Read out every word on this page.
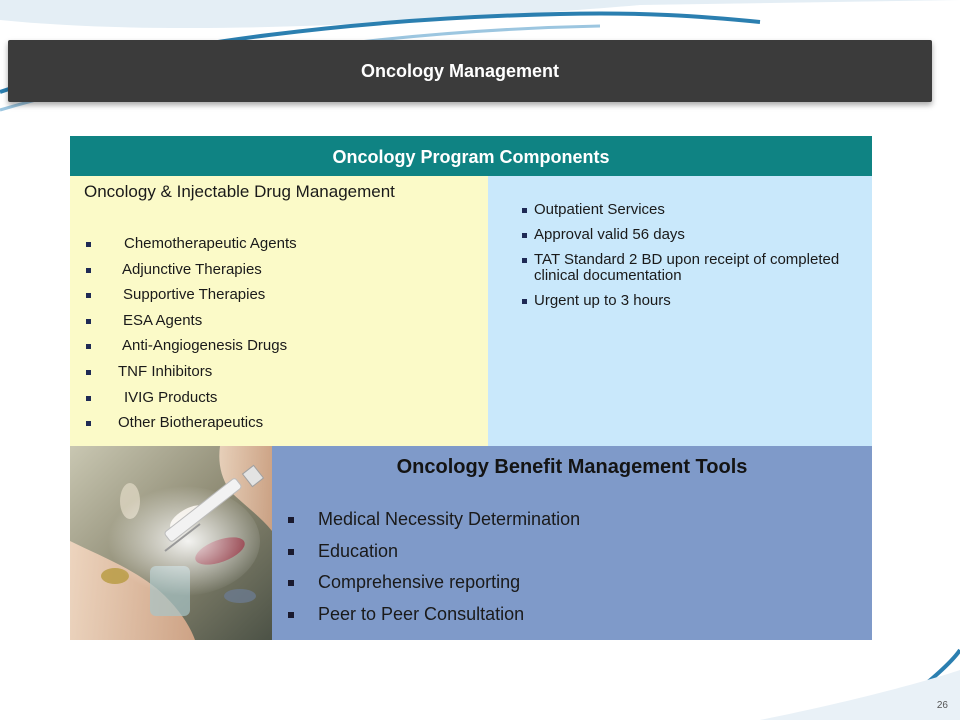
Oncology Management
Oncology Program Components
Oncology & Injectable Drug Management
Chemotherapeutic Agents
Adjunctive Therapies
Supportive Therapies
ESA Agents
Anti-Angiogenesis Drugs
TNF Inhibitors
IVIG Products
Other Biotherapeutics
Outpatient Services
Approval valid 56 days
TAT Standard 2 BD upon receipt of completed clinical documentation
Urgent up to 3 hours
Oncology Benefit Management Tools
Medical Necessity Determination
Education
Comprehensive reporting
Peer to Peer Consultation
26
